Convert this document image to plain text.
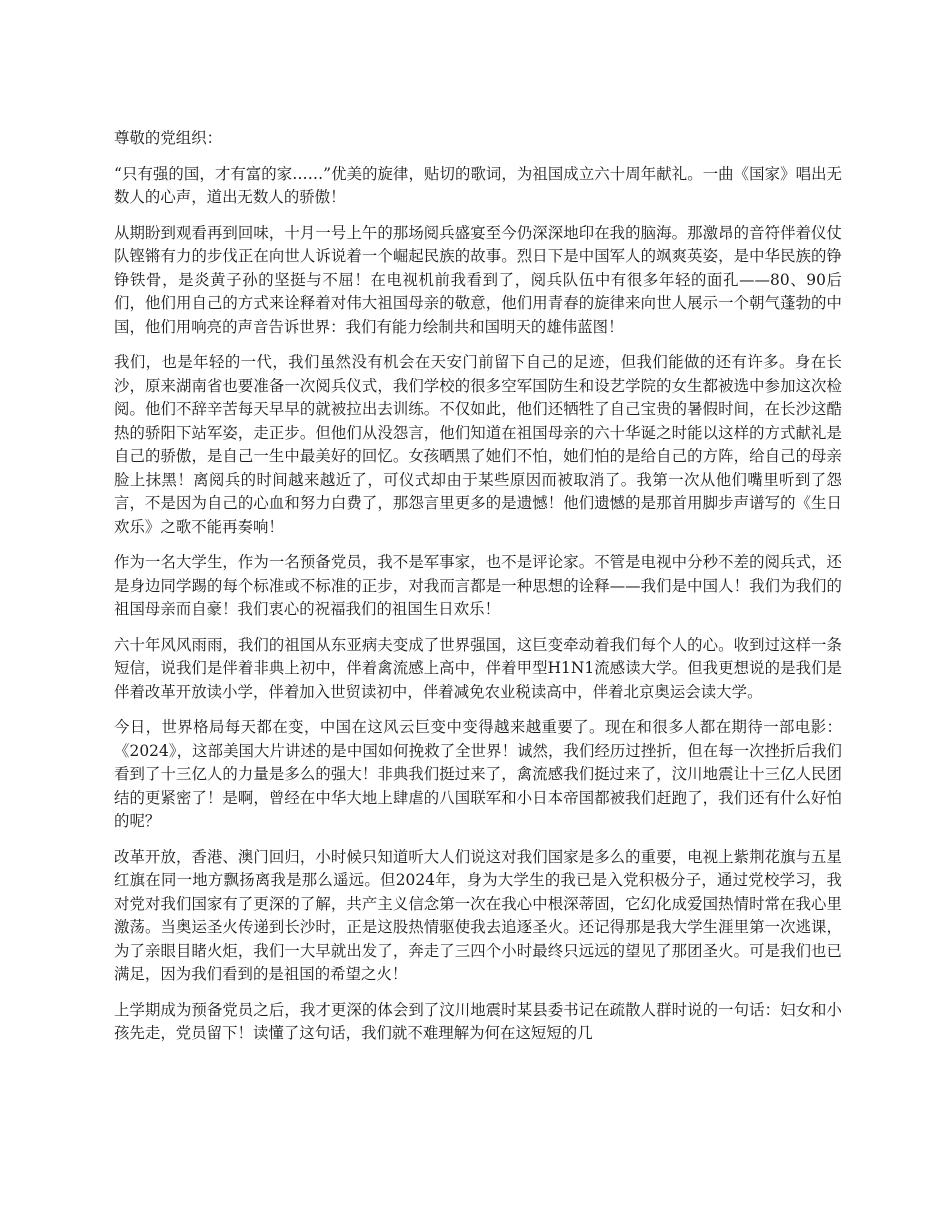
尊敬的党组织：

“只有强的国，才有富的家……”优美的旋律，贴切的歌词，为祖国成立六十周年献礼。一曲《国家》唱出无数人的心声，道出无数人的骄傲！

从期盼到观看再到回味，十月一号上午的那场阅兵盛宴至今仍深深地印在我的脑海。那激昂的音符伴着仪仗队铿锵有力的步伐正在向世人诉说着一个崛起民族的故事。烈日下是中国军人的飒爽英姿，是中华民族的铮铮铁骨，是炎黄子孙的坚挺与不屈！在电视机前我看到了，阅兵队伍中有很多年轻的面孔——80、90后们，他们用自己的方式来诠释着对伟大祖国母亲的敬意，他们用青春的旋律来向世人展示一个朝气蓬勃的中国，他们用响亮的声音告诉世界：我们有能力绘制共和国明天的雄伟蓝图！

我们，也是年轻的一代，我们虽然没有机会在天安门前留下自己的足迹，但我们能做的还有许多。身在长沙，原来湖南省也要准备一次阅兵仪式，我们学校的很多空军国防生和设艺学院的女生都被选中参加这次检阅。他们不辞辛苦每天早早的就被拉出去训练。不仅如此，他们还牺牲了自己宝贵的暑假时间，在长沙这酷热的骄阳下站军姿，走正步。但他们从没怨言，他们知道在祖国母亲的六十华诞之时能以这样的方式献礼是自己的骄傲，是自己一生中最美好的回忆。女孩晒黑了她们不怕，她们怕的是给自己的方阵，给自己的母亲脸上抹黑！离阅兵的时间越来越近了，可仪式却由于某些原因而被取消了。我第一次从他们嘴里听到了怨言，不是因为自己的心血和努力白费了，那怨言里更多的是遗憾！他们遗憾的是那首用脚步声谱写的《生日欢乐》之歌不能再奏响！

作为一名大学生，作为一名预备党员，我不是军事家，也不是评论家。不管是电视中分秒不差的阅兵式，还是身边同学踢的每个标准或不标准的正步，对我而言都是一种思想的诠释——我们是中国人！我们为我们的祖国母亲而自豪！我们衷心的祝福我们的祖国生日欢乐！

六十年风风雨雨，我们的祖国从东亚病夫变成了世界强国，这巨变牵动着我们每个人的心。收到过这样一条短信，说我们是伴着非典上初中，伴着禽流感上高中，伴着甲型H1N1流感读大学。但我更想说的是我们是伴着改革开放读小学，伴着加入世贸读初中，伴着减免农业税读高中，伴着北京奥运会读大学。

今日，世界格局每天都在变，中国在这风云巨变中变得越来越重要了。现在和很多人都在期待一部电影：《2024》，这部美国大片讲述的是中国如何挽救了全世界！诚然，我们经历过挫折，但在每一次挫折后我们看到了十三亿人的力量是多么的强大！非典我们挺过来了，禽流感我们挺过来了，汶川地震让十三亿人民团结的更紧密了！是啊，曾经在中华大地上肆虐的八国联军和小日本帝国都被我们赶跑了，我们还有什么好怕的呢？

改革开放，香港、澳门回归，小时候只知道听大人们说这对我们国家是多么的重要，电视上紫荆花旗与五星红旗在同一地方飘扬离我是那么遥远。但2024年，身为大学生的我已是入党积极分子，通过党校学习，我对党对我们国家有了更深的了解，共产主义信念第一次在我心中根深蒂固，它幻化成爱国热情时常在我心里激荡。当奥运圣火传递到长沙时，正是这股热情驱使我去追逐圣火。还记得那是我大学生涯里第一次逃课，为了亲眼目睹火炬，我们一大早就出发了，奔走了三四个小时最终只远远的望见了那团圣火。可是我们也已满足，因为我们看到的是祖国的希望之火！

上学期成为预备党员之后，我才更深的体会到了汶川地震时某县委书记在疏散人群时说的一句话：妇女和小孩先走，党员留下！读懂了这句话，我们就不难理解为何在这短短的几
